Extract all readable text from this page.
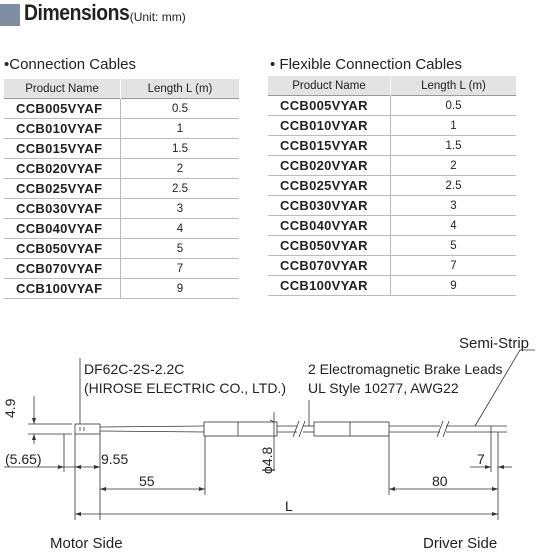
Dimensions (Unit: mm)
•Connection Cables
Product Name	Length L (m)
CCB005VYAF	0.5
CCB010VYAF	1
CCB015VYAF	1.5
CCB020VYAF	2
CCB025VYAF	2.5
CCB030VYAF	3
CCB040VYAF	4
CCB050VYAF	5
CCB070VYAF	7
CCB100VYAF	9
• Flexible Connection Cables
Product Name	Length L (m)
CCB005VYAR	0.5
CCB010VYAR	1
CCB015VYAR	1.5
CCB020VYAR	2
CCB025VYAR	2.5
CCB030VYAR	3
CCB040VYAR	4
CCB050VYAR	5
CCB070VYAR	7
CCB100VYAR	9
DF62C-2S-2.2C
(HIROSE ELECTRIC CO., LTD.)
2 Electromagnetic Brake Leads
UL Style 10277, AWG22
Semi-Strip
4.9
(5.65)	9.55
55
ϕ4.8
80
7
L
Motor Side	Driver Side
